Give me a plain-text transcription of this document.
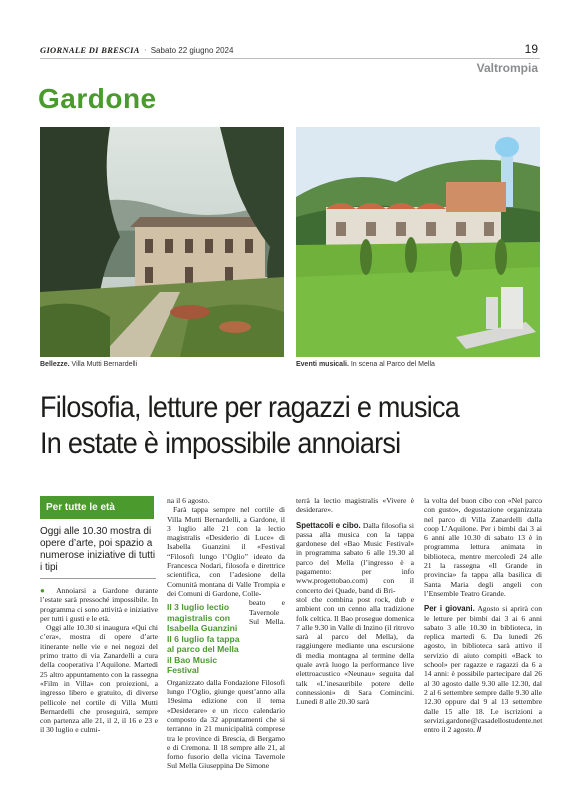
GIORNALE DI BRESCIA · Sabato 22 giugno 2024	19
Valtrompia
Gardone
Bellezze. Villa Mutti Bernardelli	Eventi musicali. In scena al Parco del Mella
Filosofia, letture per ragazzi e musica
In estate è impossibile annoiarsi
Per tutte le età
Oggi alle 10.30 mostra di opere d’arte, poi spazio a numerose iniziative di tutti i tipi

● Annoiarsi a Gardone durante l’estate sarà pressoché impossibile. In programma ci sono attività e iniziative per tutti i gusti e le età.

Oggi alle 10.30 si inaugura «Qui chi c’era», mostra di opere d’arte itinerante nelle vie e nei negozi del primo tratto di via Zanardelli a cura della cooperativa l’Aquilone. Martedì 25 altro appuntamento con la rassegna «Film in Villa» con proiezioni, a ingresso libero e gratuito, di diverse pellicole nel cortile di Villa Mutti Bernardelli che proseguirà, sempre con partenza alle 21, il 2, il 16 e 23 e il 30 luglio e culmi-

na il 6 agosto.

Farà tappa sempre nel cortile di Villa Mutti Bernardelli, a Gardone, il 3 luglio alle 21 con la lectio magistralis «Desiderio di Luce» di Isabella Guanzini il «Festival “Filosofi lungo l’Oglio” ideato da Francesca Nodari, filosofa e direttrice scientifica, con l’adesione della Comunità montana di Valle Trompia e dei Comuni di Gardone, Colle-

Il 3 luglio lectio magistralis con Isabella Guanzini Il 6 luglio fa tappa al parco del Mella il Bao Music Festival

beato e Tavernole Sul Mella. Organizzato dalla Fondazione Filosofi lungo l’Oglio, giunge quest’anno alla 19esima edizione con il tema «Desiderare» e un ricco calendario composto da 32 appuntamenti che si terranno in 21 municipalità comprese tra le province di Brescia, di Bergamo e di Cremona. Il 18 sempre alle 21, al forno fusorio della vicina Tavernole Sul Mella Giuseppina De Simone

terrà la lectio magistralis «Vivere è desiderare».

Spettacoli e cibo. Dalla filosofia si passa alla musica con la tappa gardonese del «Bao Music Festival» in programma sabato 6 alle 19.30 al parco del Mella (l’ingresso è a pagamento: per info www.progettobao.com) con il concerto dei Quade, band di Bri-

stol che combina post rock, dub e ambient con un cenno alla tradizione folk celtica. Il Bao prosegue domenica 7 alle 9.30 in Valle di Inzino (il ritrovo sarà al parco del Mella), da raggiungere mediante una escursione di media montagna al termine della quale avrà luogo la performance live elettroacustico «Neunau» seguita dal talk «L’inesauribile potere delle connessioni» di Sara Comincini. Lunedì 8 alle 20.30 sarà

la volta del buon cibo con «Nel parco con gusto», degustazione organizzata nel parco di Villa Zanardelli dalla coop L’Aquilone. Per i bimbi dai 3 ai 6 anni alle 10.30 di sabato 13 è in programma lettura animata in biblioteca, mentre mercoledì 24 alle 21 la rassegna «Il Grande in provincia» fa tappa alla basilica di Santa Maria degli angeli con l’Ensemble Teatro Grande.

Per i giovani. Agosto si aprirà con le letture per bimbi dai 3 ai 6 anni sabato 3 alle 10.30 in biblioteca, in replica martedì 6. Da lunedì 26 agosto, in biblioteca sarà attivo il servizio di aiuto compiti «Back to school» per ragazze e ragazzi da 6 a 14 anni: è possibile partecipare dal 26 al 30 agosto dalle 9.30 alle 12.30, dal 2 al 6 settembre sempre dalle 9.30 alle 12.30 oppure dal 9 al 13 settembre dalle 15 alle 18. Le iscrizioni a servizi.gardone@casadellostudente.net entro il 2 agosto. //
